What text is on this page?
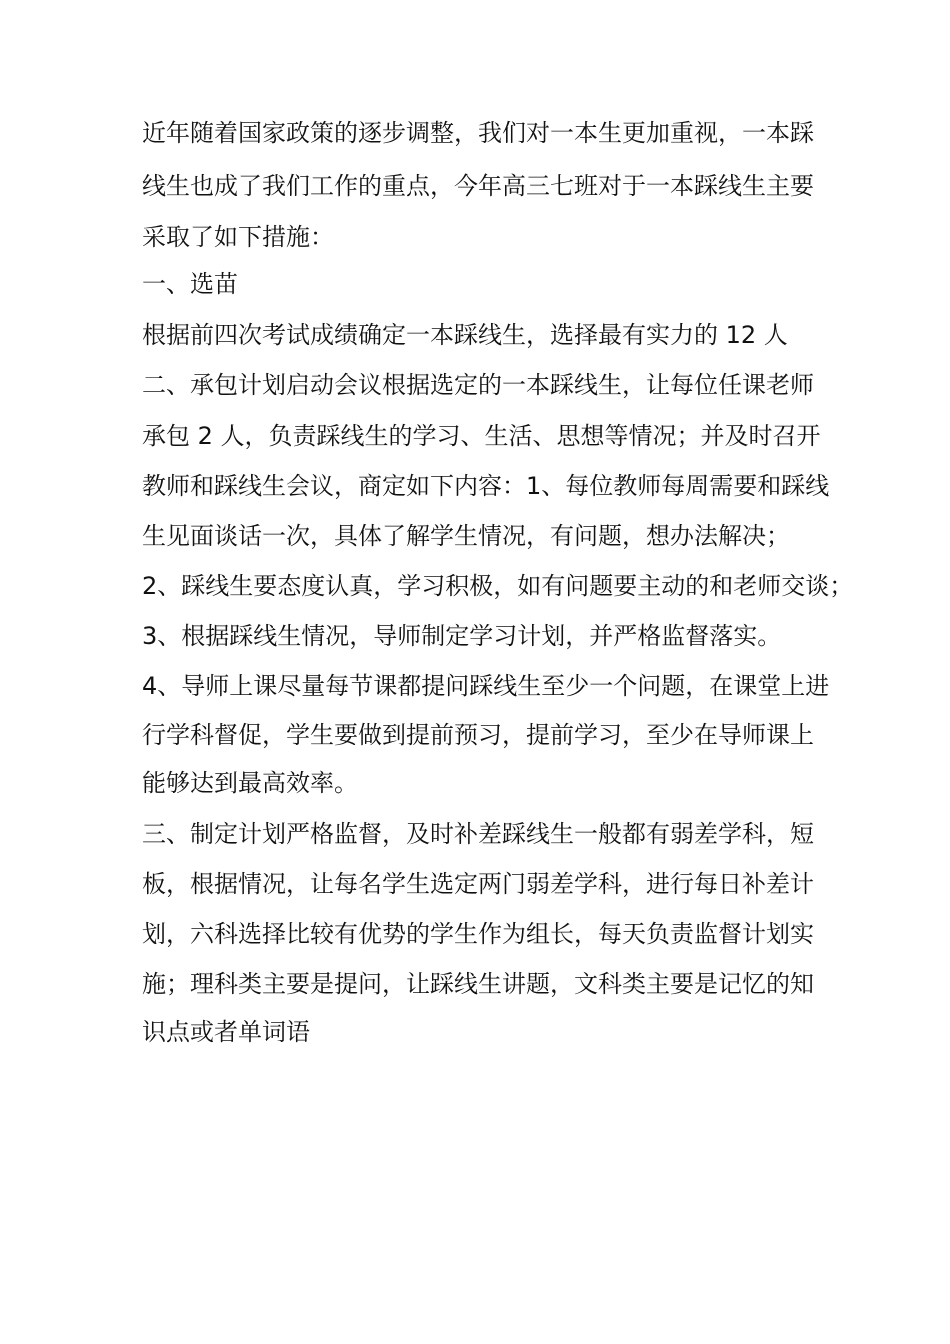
近年随着国家政策的逐步调整，我们对一本生更加重视，一本踩

线生也成了我们工作的重点，今年高三七班对于一本踩线生主要

采取了如下措施：

一、选苗

根据前四次考试成绩确定一本踩线生，选择最有实力的 12 人

二、承包计划启动会议根据选定的一本踩线生，让每位任课老师

承包 2 人，负责踩线生的学习、生活、思想等情况；并及时召开

教师和踩线生会议，商定如下内容：1、每位教师每周需要和踩线

生见面谈话一次，具体了解学生情况，有问题，想办法解决；

2、踩线生要态度认真，学习积极，如有问题要主动的和老师交谈；

3、根据踩线生情况，导师制定学习计划，并严格监督落实。

4、导师上课尽量每节课都提问踩线生至少一个问题，在课堂上进

行学科督促，学生要做到提前预习，提前学习，至少在导师课上

能够达到最高效率。

三、制定计划严格监督，及时补差踩线生一般都有弱差学科，短

板，根据情况，让每名学生选定两门弱差学科，进行每日补差计

划，六科选择比较有优势的学生作为组长，每天负责监督计划实

施；理科类主要是提问，让踩线生讲题，文科类主要是记忆的知

识点或者单词语
